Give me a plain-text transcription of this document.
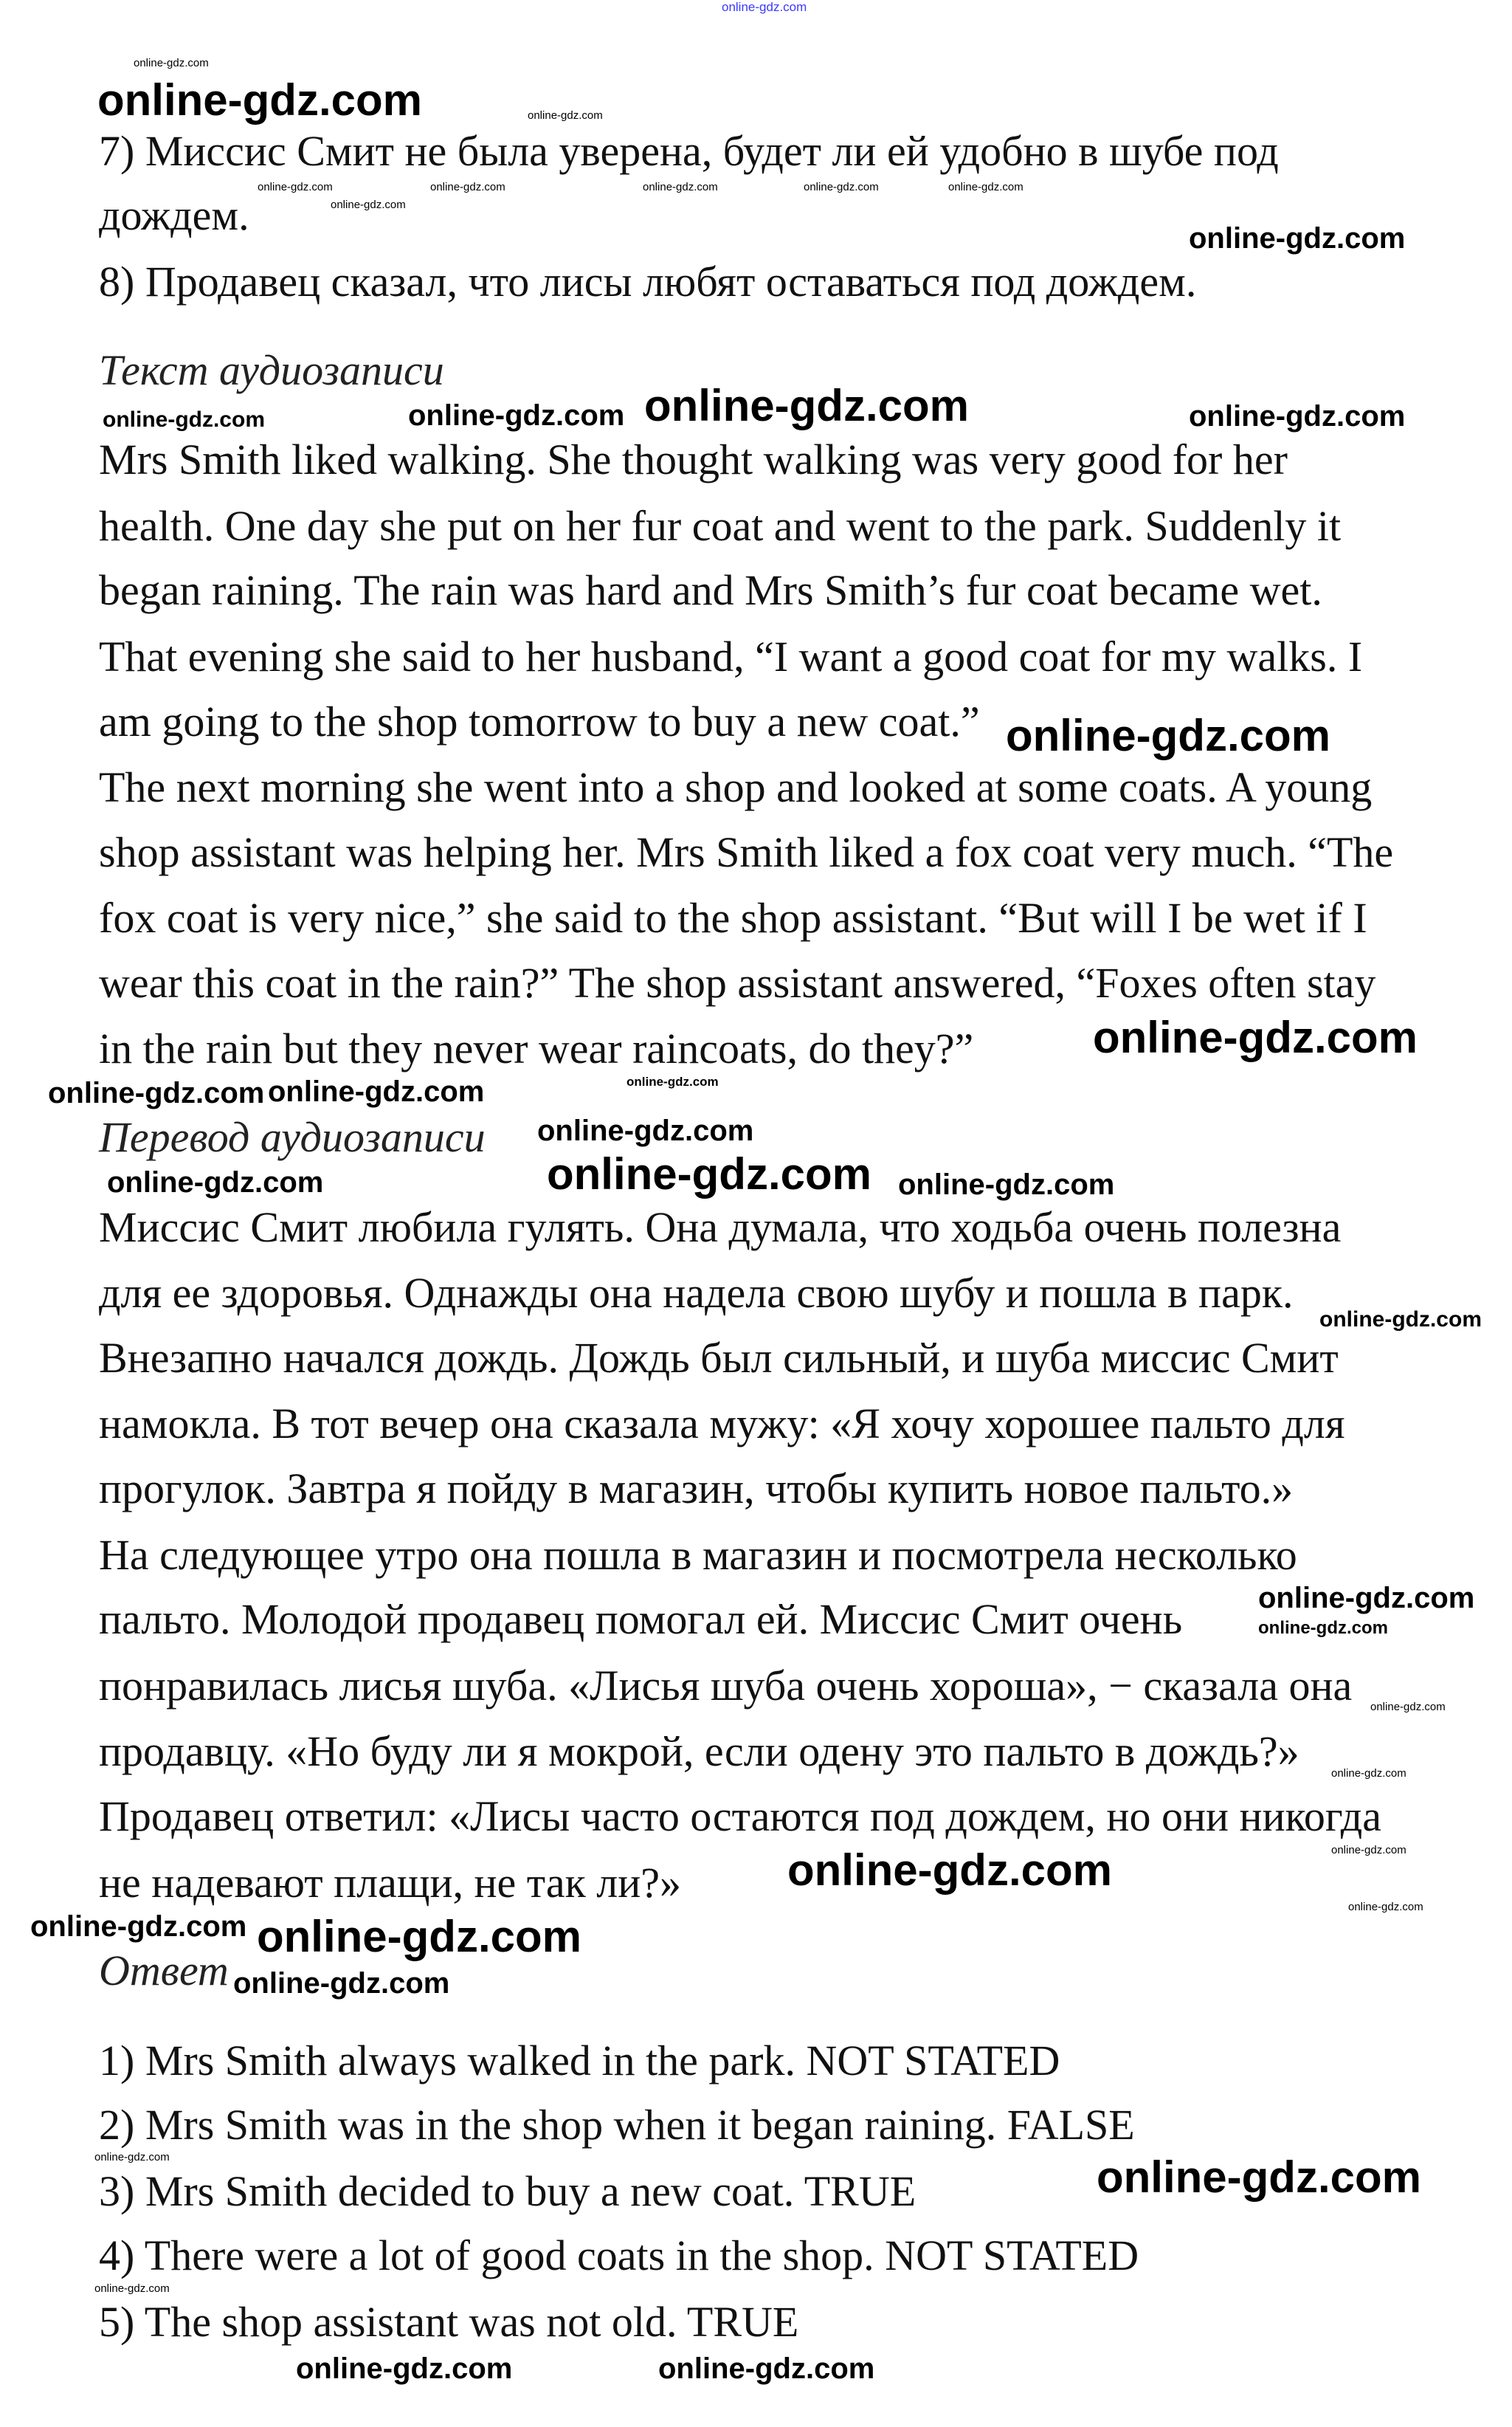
7) Миссис Смит не была уверена, будет ли ей удобно в шубе под
дождем.
8) Продавец сказал, что лисы любят оставаться под дождем.
Текст аудиозаписи
Mrs Smith liked walking. She thought walking was very good for her
health. One day she put on her fur coat and went to the park. Suddenly it
began raining. The rain was hard and Mrs Smith’s fur coat became wet.
That evening she said to her husband, “I want a good coat for my walks. I
am going to the shop tomorrow to buy a new coat.”
The next morning she went into a shop and looked at some coats. A young
shop assistant was helping her. Mrs Smith liked a fox coat very much. “The
fox coat is very nice,” she said to the shop assistant. “But will I be wet if I
wear this coat in the rain?” The shop assistant answered, “Foxes often stay
in the rain but they never wear raincoats, do they?”
Перевод аудиозаписи
Миссис Смит любила гулять. Она думала, что ходьба очень полезна
для ее здоровья. Однажды она надела свою шубу и пошла в парк.
Внезапно начался дождь. Дождь был сильный, и шуба миссис Смит
намокла. В тот вечер она сказала мужу: «Я хочу хорошее пальто для
прогулок. Завтра я пойду в магазин, чтобы купить новое пальто.»
На следующее утро она пошла в магазин и посмотрела несколько
пальто. Молодой продавец помогал ей. Миссис Смит очень
понравилась лисья шуба. «Лисья шуба очень хороша», − сказала она
продавцу. «Но буду ли я мокрой, если одену это пальто в дождь?»
Продавец ответил: «Лисы часто остаются под дождем, но они никогда
не надевают плащи, не так ли?»
Ответ
1) Mrs Smith always walked in the park. NOT STATED
2) Mrs Smith was in the shop when it began raining. FALSE
3) Mrs Smith decided to buy a new coat. TRUE
4) There were a lot of good coats in the shop. NOT STATED
5) The shop assistant was not old. TRUE
online-gdz.com
online-gdz.com
online-gdz.com
online-gdz.com
online-gdz.com
online-gdz.com
online-gdz.com
online-gdz.com
online-gdz.com
online-gdz.com
online-gdz.com
online-gdz.com
online-gdz.com
online-gdz.com
online-gdz.com
online-gdz.com
online-gdz.com
online-gdz.com
online-gdz.com
online-gdz.com
online-gdz.com	online-gdz.com
online-gdz.com
online-gdz.com
online-gdz.com
online-gdz.com
online-gdz.com
online-gdz.com
online-gdz.com
online-gdz.com
online-gdz.com	online-gdz.com	online-gdz.com	online-gdz.com
online-gdz.com
online-gdz.com
online-gdz.com
online-gdz.com
online-gdz.com
online-gdz.com
